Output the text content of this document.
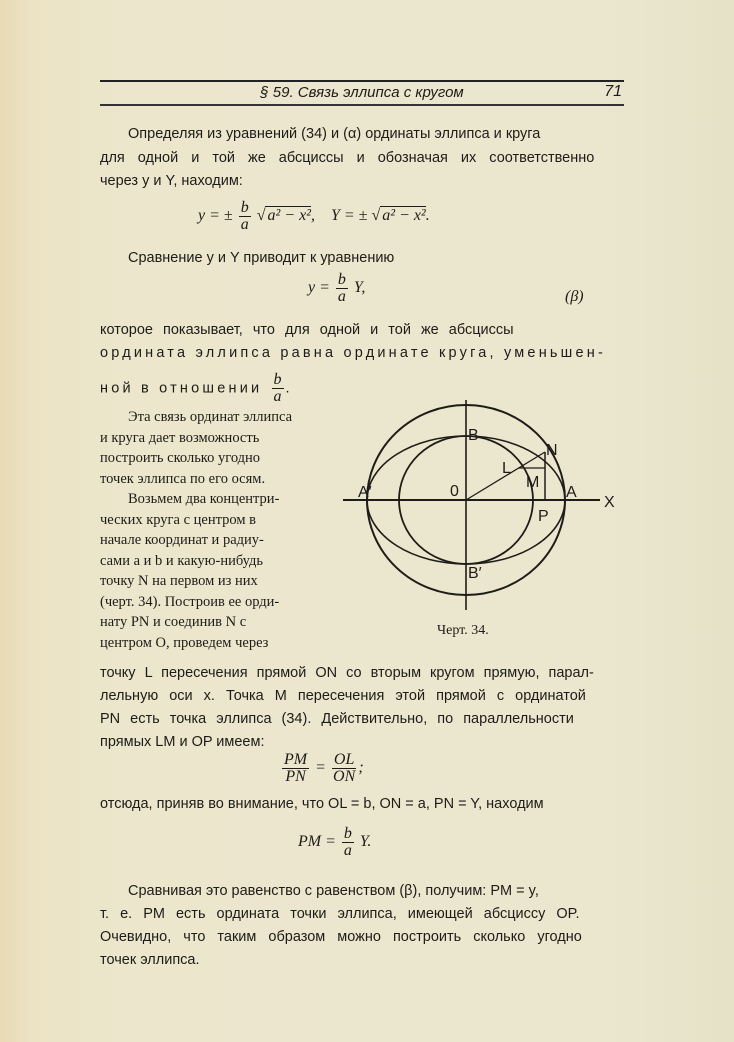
§ 59. Связь эллипса с кругом	71
Определяя из уравнений (34) и (α) ординаты эллипса и круга
для одной и той же абсциссы и обозначая их соответственно
через y и Y, находим:
y = ± $\frac{b}{a}$ √ a² − x²,    Y = ± √ a² − x².
Сравнение y и Y приводит к уравнению
$y = \frac{b}{a} Y$,
(β)
которое показывает, что для одной и той же абсциссы
ордината эллипса равна ординате круга, уменьшен-
ной в отношении $\frac{b}{a}$ .
Эта связь ординат эллипса
и круга дает возможность
построить сколько угодно
точек эллипса по его осям.
Возьмем два концентри-
ческих круга с центром в
начале координат и радиу-
сами a и b и какую-нибудь
точку N на первом из них
(черт. 34). Построив ее орди-
нату PN и соединив N с
центром O, проведем через
B
B′
A′	A
0
N
L
M
P
X
Черт. 34.
точку L пересечения прямой ON со вторым кругом прямую, парал-
лельную оси x. Точка M пересечения этой прямой с ординатой
PN есть точка эллипса (34). Действительно, по параллельности
прямых LM и OP имеем:
$\frac{PM}{PN} = \frac{OL}{ON}$ ;
отсюда, приняв во внимание, что OL = b, ON = a, PN = Y, находим
PM = $\frac{b}{a} Y$.
Сравнивая это равенство с равенством (β), получим: PM = y,
т. е. PM есть ордината точки эллипса, имеющей абсциссу OP.
Очевидно, что таким образом можно построить сколько угодно
точек эллипса.
